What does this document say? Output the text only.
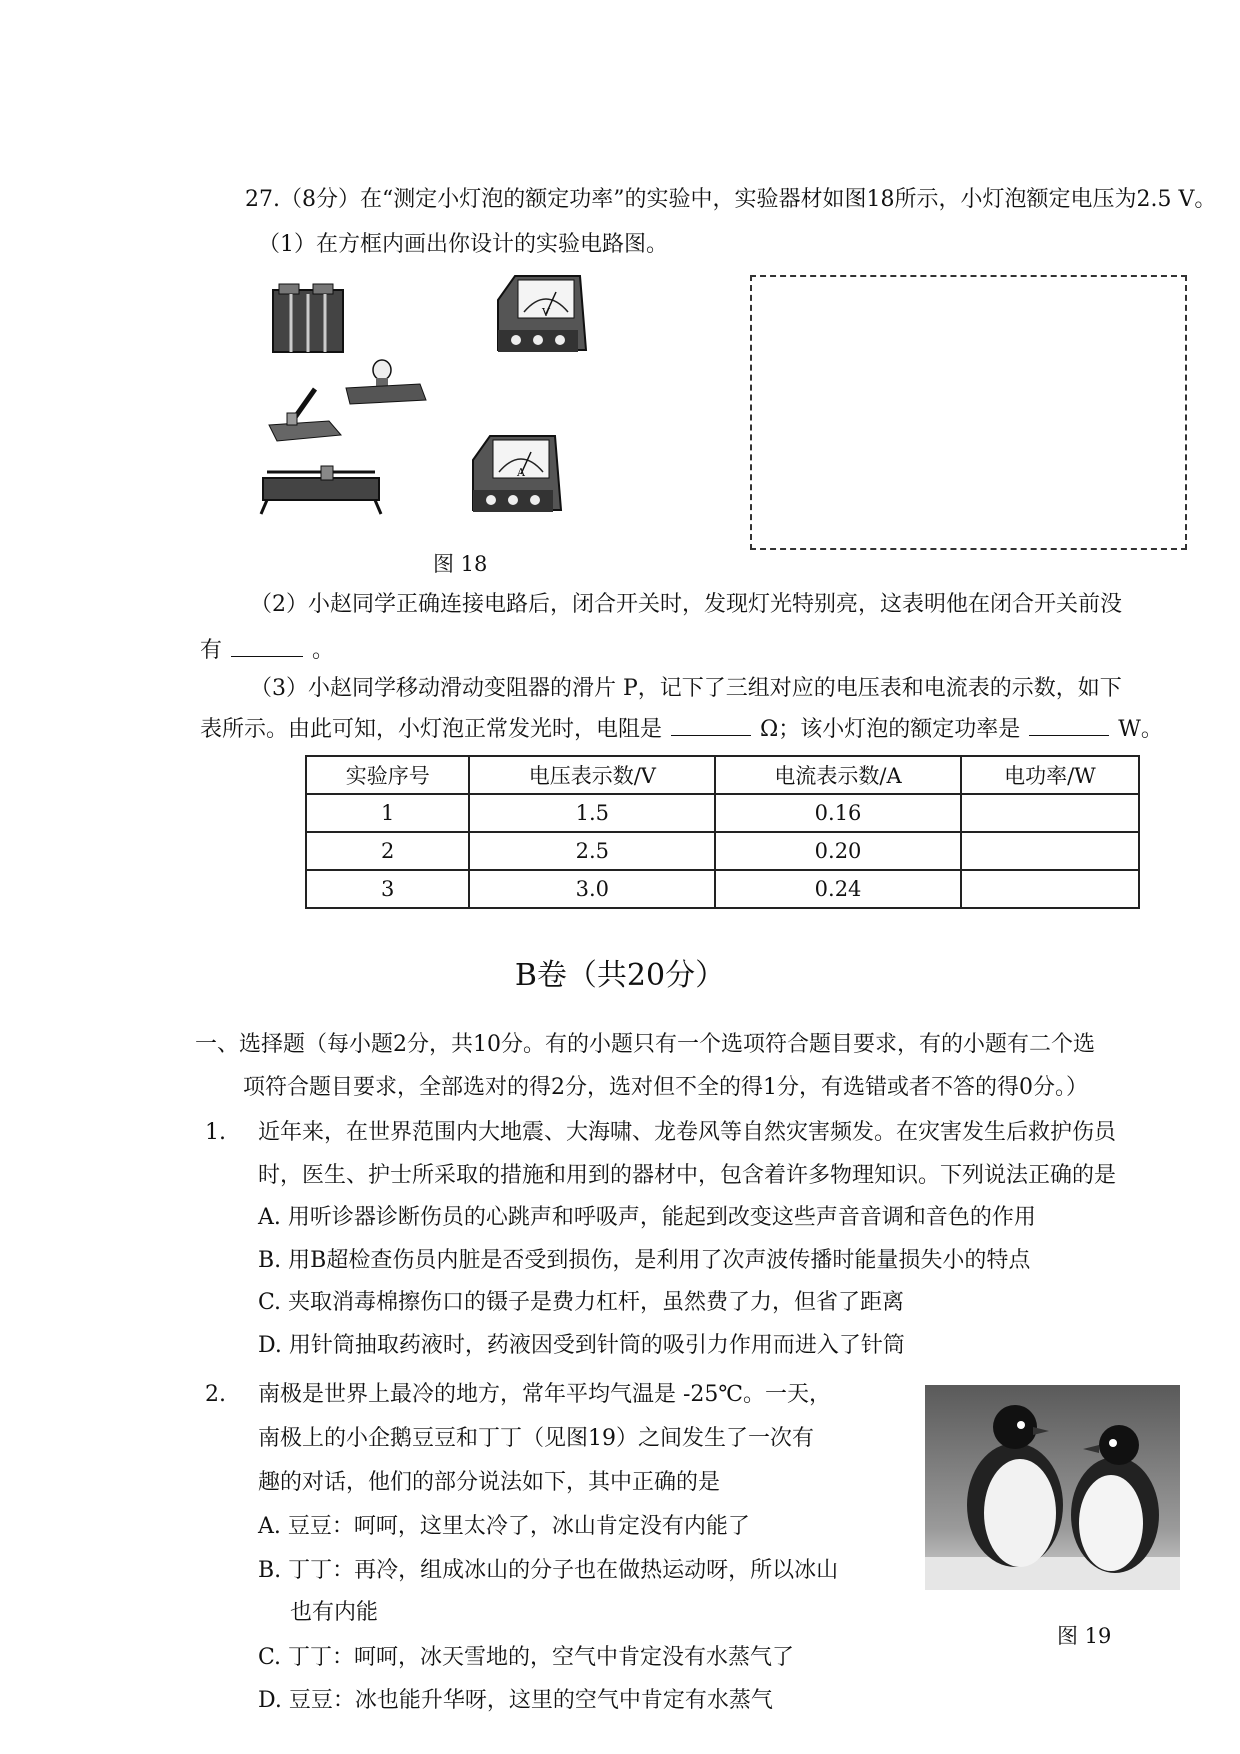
27.（8分）在“测定小灯泡的额定功率”的实验中，实验器材如图18所示，小灯泡额定电压为2.5 V。
（1）在方框内画出你设计的实验电路图。
V
A
图 18
（2）小赵同学正确连接电路后，闭合开关时，发现灯光特别亮，这表明他在闭合开关前没
有	。
（3）小赵同学移动滑动变阻器的滑片 P，记下了三组对应的电压表和电流表的示数，如下
表所示。由此可知，小灯泡正常发光时，电阻是	Ω；该小灯泡的额定功率是	W。
实验序号	电压表示数/V	电流表示数/A	电功率/W
1	1.5	0.16	
2	2.5	0.20	
3	3.0	0.24	
B卷（共20分）
一、选择题（每小题2分，共10分。有的小题只有一个选项符合题目要求，有的小题有二个选
项符合题目要求，全部选对的得2分，选对但不全的得1分，有选错或者不答的得0分。）
1. 近年来，在世界范围内大地震、大海啸、龙卷风等自然灾害频发。在灾害发生后救护伤员
时，医生、护士所采取的措施和用到的器材中，包含着许多物理知识。下列说法正确的是
A. 用听诊器诊断伤员的心跳声和呼吸声，能起到改变这些声音音调和音色的作用
B. 用B超检查伤员内脏是否受到损伤，是利用了次声波传播时能量损失小的特点
C. 夹取消毒棉擦伤口的镊子是费力杠杆，虽然费了力，但省了距离
D. 用针筒抽取药液时，药液因受到针筒的吸引力作用而进入了针筒
2. 南极是世界上最冷的地方，常年平均气温是 -25℃。一天，
南极上的小企鹅豆豆和丁丁（见图19）之间发生了一次有
趣的对话，他们的部分说法如下，其中正确的是
A. 豆豆：呵呵，这里太冷了，冰山肯定没有内能了
B. 丁丁：再冷，组成冰山的分子也在做热运动呀，所以冰山
也有内能
C. 丁丁：呵呵，冰天雪地的，空气中肯定没有水蒸气了
D. 豆豆：冰也能升华呀，这里的空气中肯定有水蒸气
图 19
